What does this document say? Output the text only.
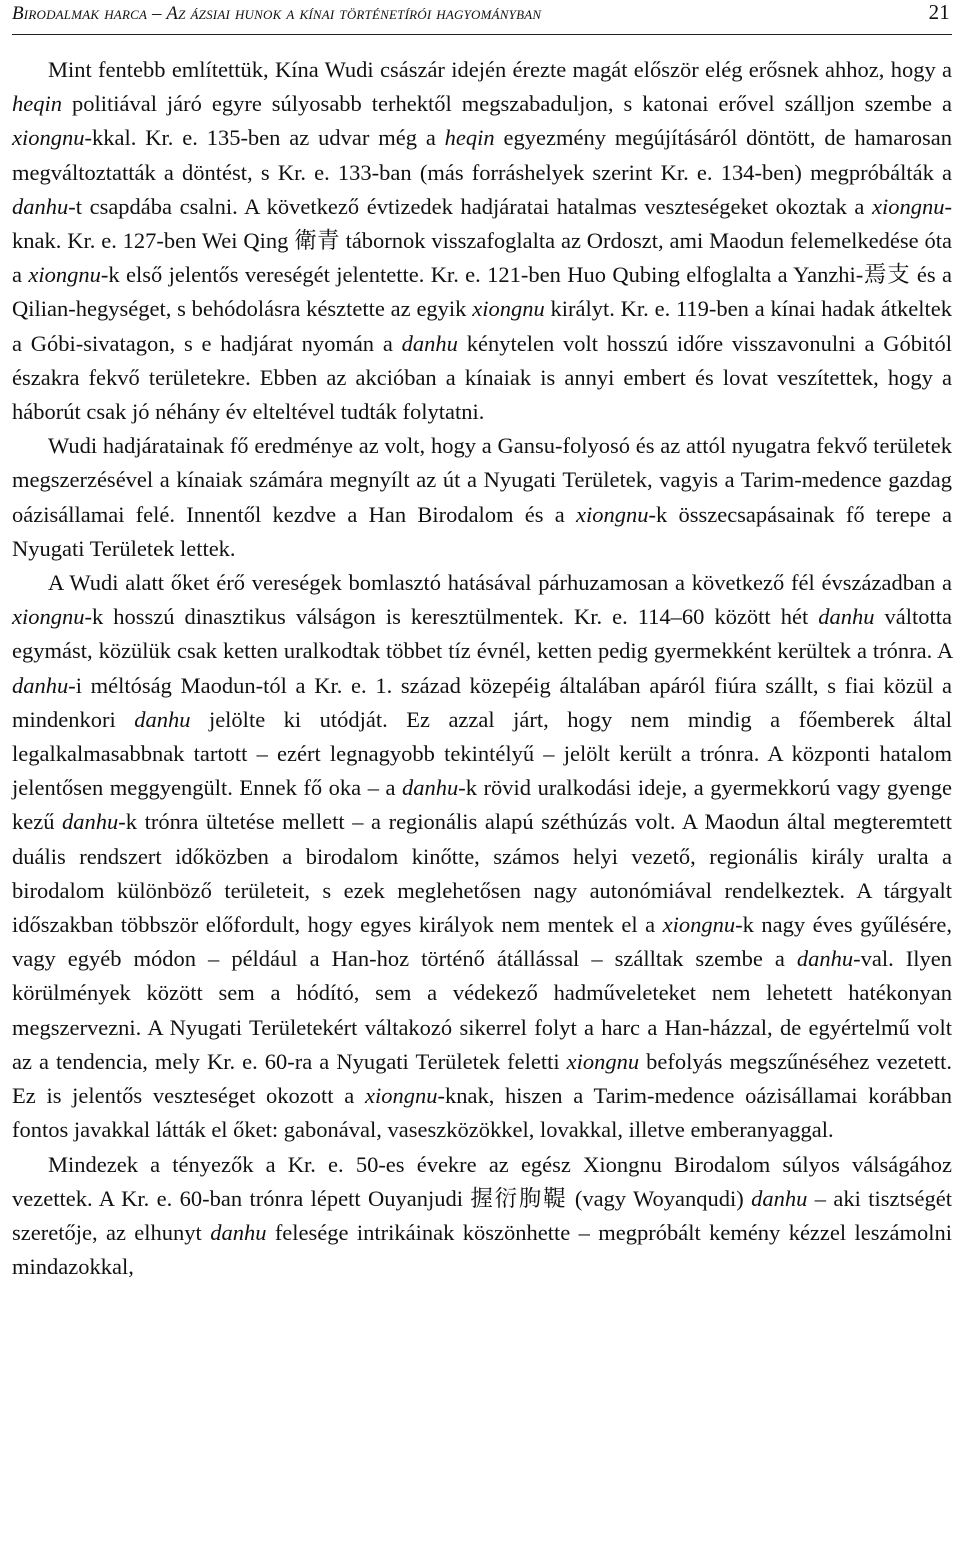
Birodalmak harca – Az ázsiai hunok a kínai történetírói hagyományban	21

Mint fentebb említettük, Kína Wudi császár idején érezte magát először elég erősnek ahhoz, hogy a heqin politiával járó egyre súlyosabb terhektől megszabaduljon, s katonai erővel szálljon szembe a xiongnu-kkal. Kr. e. 135-ben az udvar még a heqin egyezmény megújításáról döntött, de hamarosan megváltoztatták a döntést, s Kr. e. 133-ban (más forráshelyek szerint Kr. e. 134-ben) megpróbálták a danhu-t csapdába csalni. A következő évtizedek hadjáratai hatalmas veszteségeket okoztak a xiongnu-knak. Kr. e. 127-ben Wei Qing 衛青 tábornok visszafoglalta az Ordoszt, ami Maodun felemelkedése óta a xiongnu-k első jelentős vereségét jelentette. Kr. e. 121-ben Huo Qubing elfoglalta a Yanzhi-焉支 és a Qilian-hegységet, s behódolásra késztette az egyik xiongnu királyt. Kr. e. 119-ben a kínai hadak átkeltek a Góbi-sivatagon, s e hadjárat nyomán a danhu kénytelen volt hosszú időre visszavonulni a Góbitól északra fekvő területekre. Ebben az akcióban a kínaiak is annyi embert és lovat veszítettek, hogy a háborút csak jó néhány év elteltével tudták folytatni.

Wudi hadjáratainak fő eredménye az volt, hogy a Gansu-folyosó és az attól nyugatra fekvő területek megszerzésével a kínaiak számára megnyílt az út a Nyugati Területek, vagyis a Tarim-medence gazdag oázisállamai felé. Innentől kezdve a Han Birodalom és a xiongnu-k összecsapásainak fő terepe a Nyugati Területek lettek.

A Wudi alatt őket érő vereségek bomlasztó hatásával párhuzamosan a következő fél évszázadban a xiongnu-k hosszú dinasztikus válságon is keresztülmentek. Kr. e. 114–60 között hét danhu váltotta egymást, közülük csak ketten uralkodtak többet tíz évnél, ketten pedig gyermekként kerültek a trónra. A danhu-i méltóság Maodun-tól a Kr. e. 1. század közepéig általában apáról fiúra szállt, s fiai közül a mindenkori danhu jelölte ki utódját. Ez azzal járt, hogy nem mindig a főemberek által legalkalmasabbnak tartott – ezért legnagyobb tekintélyű – jelölt került a trónra. A központi hatalom jelentősen meggyengült. Ennek fő oka – a danhu-k rövid uralkodási ideje, a gyermekkorú vagy gyenge kezű danhu-k trónra ültetése mellett – a regionális alapú széthúzás volt. A Maodun által megteremtett duális rendszert időközben a birodalom kinőtte, számos helyi vezető, regionális király uralta a birodalom különböző területeit, s ezek meglehetősen nagy autonómiával rendelkeztek. A tárgyalt időszakban többször előfordult, hogy egyes királyok nem mentek el a xiongnu-k nagy éves gyűlésére, vagy egyéb módon – például a Han-hoz történő átállással – szálltak szembe a danhu-val. Ilyen körülmények között sem a hódító, sem a védekező hadműveleteket nem lehetett hatékonyan megszervezni. A Nyugati Területekért váltakozó sikerrel folyt a harc a Han-házzal, de egyértelmű volt az a tendencia, mely Kr. e. 60-ra a Nyugati Területek feletti xiongnu befolyás megszűnéséhez vezetett. Ez is jelentős veszteséget okozott a xiongnu-knak, hiszen a Tarim-medence oázisállamai korábban fontos javakkal látták el őket: gabonával, vaseszközökkel, lovakkal, illetve emberanyaggal.

Mindezek a tényezők a Kr. e. 50-es évekre az egész Xiongnu Birodalom súlyos válságához vezettek. A Kr. e. 60-ban trónra lépett Ouyanjudi 握衍朐鞮 (vagy Woyanqudi) danhu – aki tisztségét szeretője, az elhunyt danhu felesége intrikáinak köszönhette – megpróbált kemény kézzel leszámolni mindazokkal,
